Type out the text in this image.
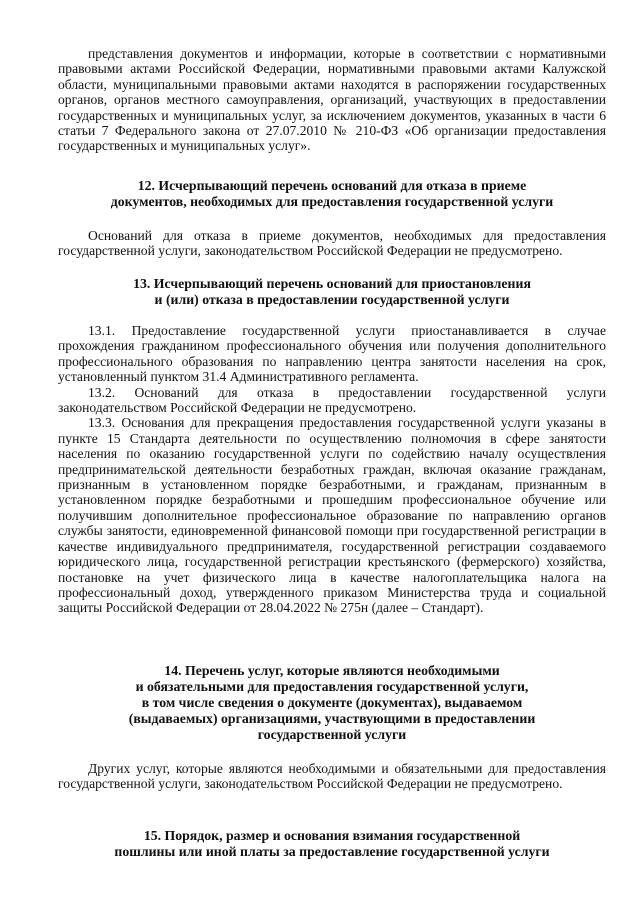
представления документов и информации, которые в соответствии с нормативными правовыми актами Российской Федерации, нормативными правовыми актами Калужской области, муниципальными правовыми актами находятся в распоряжении государственных органов, органов местного самоуправления, организаций, участвующих в предоставлении государственных и муниципальных услуг, за исключением документов, указанных в части 6 статьи 7 Федерального закона от 27.07.2010 № 210-ФЗ «Об организации предоставления государственных и муниципальных услуг».

12. Исчерпывающий перечень оснований для отказа в приеме

документов, необходимых для предоставления государственной услуги

Оснований для отказа в приеме документов, необходимых для предоставления государственной услуги, законодательством Российской Федерации не предусмотрено.

13. Исчерпывающий перечень оснований для приостановления

и (или) отказа в предоставлении государственной услуги

13.1. Предоставление государственной услуги приостанавливается в случае прохождения гражданином профессионального обучения или получения дополнительного профессионального образования по направлению центра занятости населения на срок, установленный пунктом 31.4 Административного регламента.

13.2. Оснований для отказа в предоставлении государственной услуги законодательством Российской Федерации не предусмотрено.

13.3. Основания для прекращения предоставления государственной услуги указаны в пункте 15 Стандарта деятельности по осуществлению полномочия в сфере занятости населения по оказанию государственной услуги по содействию началу осуществления предпринимательской деятельности безработных граждан, включая оказание гражданам, признанным в установленном порядке безработными, и гражданам, признанным в установленном порядке безработными и прошедшим профессиональное обучение или получившим дополнительное профессиональное образование по направлению органов службы занятости, единовременной финансовой помощи при государственной регистрации в качестве индивидуального предпринимателя, государственной регистрации создаваемого юридического лица, государственной регистрации крестьянского (фермерского) хозяйства, постановке на учет физического лица в качестве налогоплательщика налога на профессиональный доход, утвержденного приказом Министерства труда и социальной защиты Российской Федерации от 28.04.2022 № 275н (далее – Стандарт).

14. Перечень услуг, которые являются необходимыми

и обязательными для предоставления государственной услуги,

в том числе сведения о документе (документах), выдаваемом

(выдаваемых) организациями, участвующими в предоставлении

государственной услуги

Других услуг, которые являются необходимыми и обязательными для предоставления государственной услуги, законодательством Российской Федерации не предусмотрено.

15. Порядок, размер и основания взимания государственной

пошлины или иной платы за предоставление государственной услуги
